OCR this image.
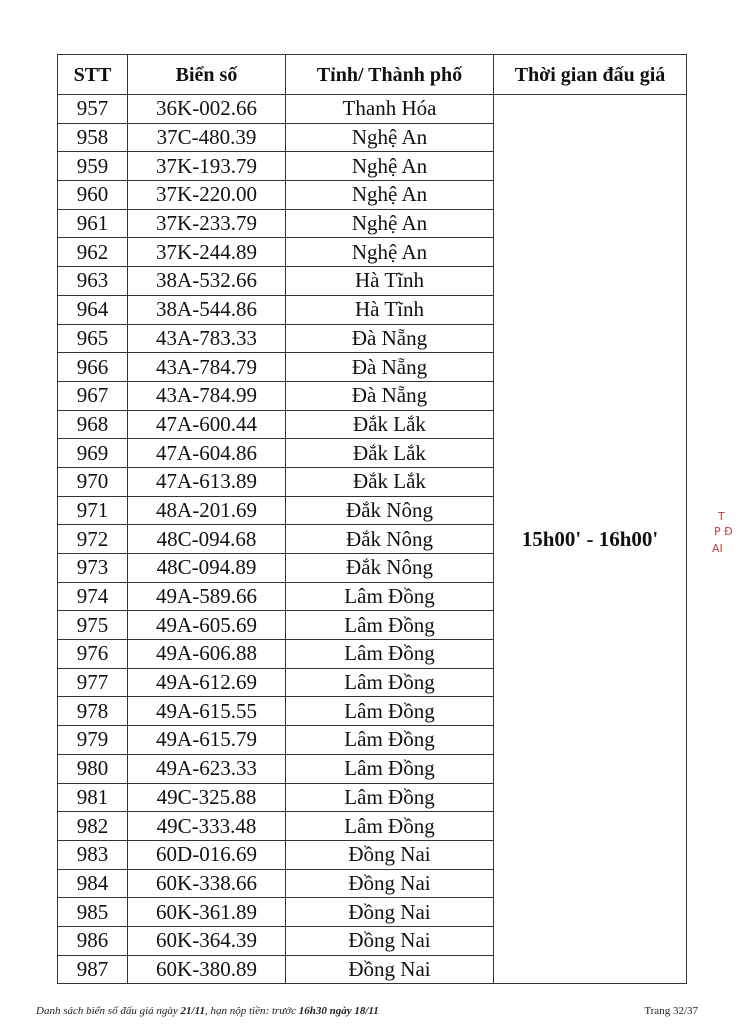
STT	Biển số	Tỉnh/ Thành phố	Thời gian đấu giá
957	36K-002.66	Thanh Hóa	15h00' - 16h00'
958	37C-480.39	Nghệ An	
959	37K-193.79	Nghệ An	
960	37K-220.00	Nghệ An	
961	37K-233.79	Nghệ An	
962	37K-244.89	Nghệ An	
963	38A-532.66	Hà Tĩnh	
964	38A-544.86	Hà Tĩnh	
965	43A-783.33	Đà Nẵng	
966	43A-784.79	Đà Nẵng	
967	43A-784.99	Đà Nẵng	
968	47A-600.44	Đắk Lắk	
969	47A-604.86	Đắk Lắk	
970	47A-613.89	Đắk Lắk	
971	48A-201.69	Đắk Nông	
972	48C-094.68	Đắk Nông	
973	48C-094.89	Đắk Nông	
974	49A-589.66	Lâm Đồng	
975	49A-605.69	Lâm Đồng	
976	49A-606.88	Lâm Đồng	
977	49A-612.69	Lâm Đồng	
978	49A-615.55	Lâm Đồng	
979	49A-615.79	Lâm Đồng	
980	49A-623.33	Lâm Đồng	
981	49C-325.88	Lâm Đồng	
982	49C-333.48	Lâm Đồng	
983	60D-016.69	Đồng Nai	
984	60K-338.66	Đồng Nai	
985	60K-361.89	Đồng Nai	
986	60K-364.39	Đồng Nai	
987	60K-380.89	Đồng Nai	
T
P Đ
AI
Danh sách biển số đấu giá ngày 21/11, hạn nộp tiền: trước 16h30 ngày 18/11	Trang 32/37
